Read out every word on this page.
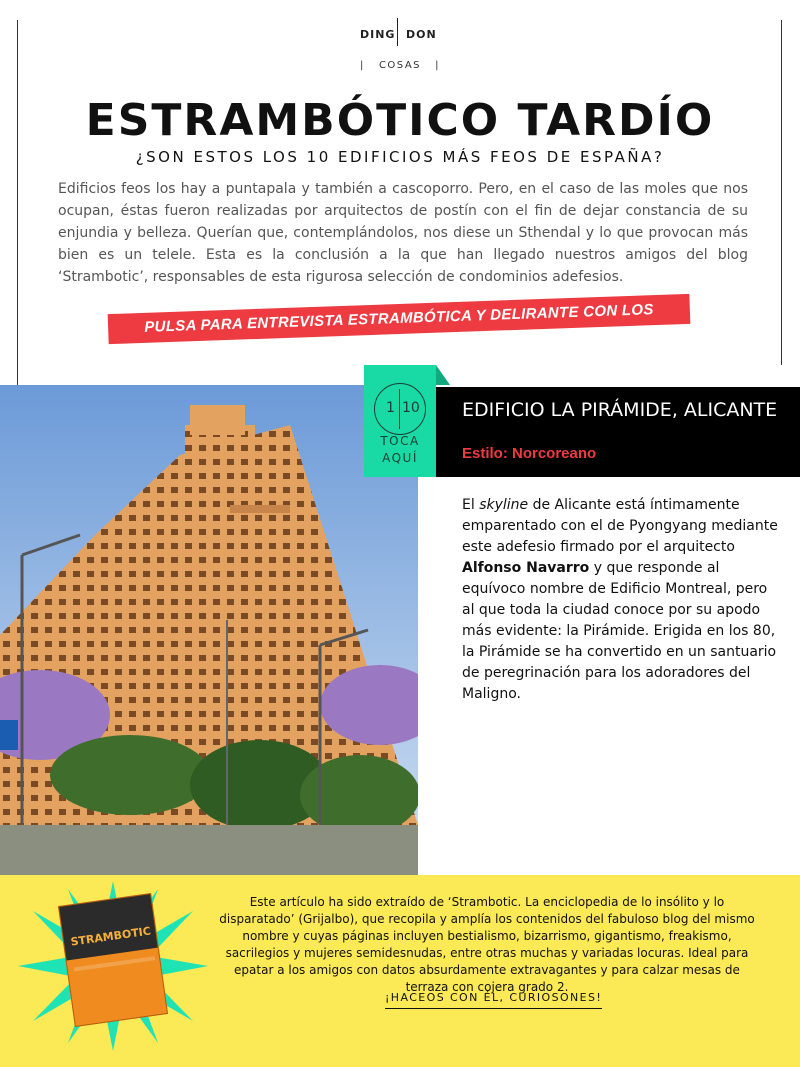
DING DON
|   COSAS   |
ESTRAMBÓTICO TARDÍO
¿SON ESTOS LOS 10 EDIFICIOS MÁS FEOS DE ESPAÑA?

Edificios feos los hay a puntapala y también a cascoporro. Pero, en el caso de las moles que nos ocupan, éstas fueron realizadas por arquitectos de postín con el fin de dejar constancia de su enjundia y belleza. Querían que, contemplándolos, nos diese un Sthendal y lo que provocan más bien es un telele. Esta es la conclusión a la que han llegado nuestros amigos del blog ‘Strambotic’, responsables de esta rigurosa selección de condominios adefesios.

PULSA PARA ENTREVISTA ESTRAMBÓTICA Y DELIRANTE CON LOS AUTORES
1 10
TOCA
AQUÍ
EDIFICIO LA PIRÁMIDE, ALICANTE
Estilo: Norcoreano

El skyline de Alicante está íntimamente emparentado con el de Pyongyang mediante este adefesio firmado por el arquitecto Alfonso Navarro y que responde al equívoco nombre de Edificio Montreal, pero al que toda la ciudad conoce por su apodo más evidente: la Pirámide. Erigida en los 80, la Pirámide se ha convertido en un santuario de peregrinación para los adoradores del Maligno.

STRAMBOTIC

Este artículo ha sido extraído de ‘Strambotic. La enciclopedia de lo insólito y lo disparatado’ (Grijalbo), que recopila y amplía los contenidos del fabuloso blog del mismo nombre y cuyas páginas incluyen bestialismo, bizarrismo, gigantismo, freakismo, sacrilegios y mujeres semidesnudas, entre otras muchas y variadas locuras. Ideal para epatar a los amigos con datos absurdamente extravagantes y para calzar mesas de terraza con cojera grado 2.

¡HACEOS CON ÉL, CURIOSONES!
